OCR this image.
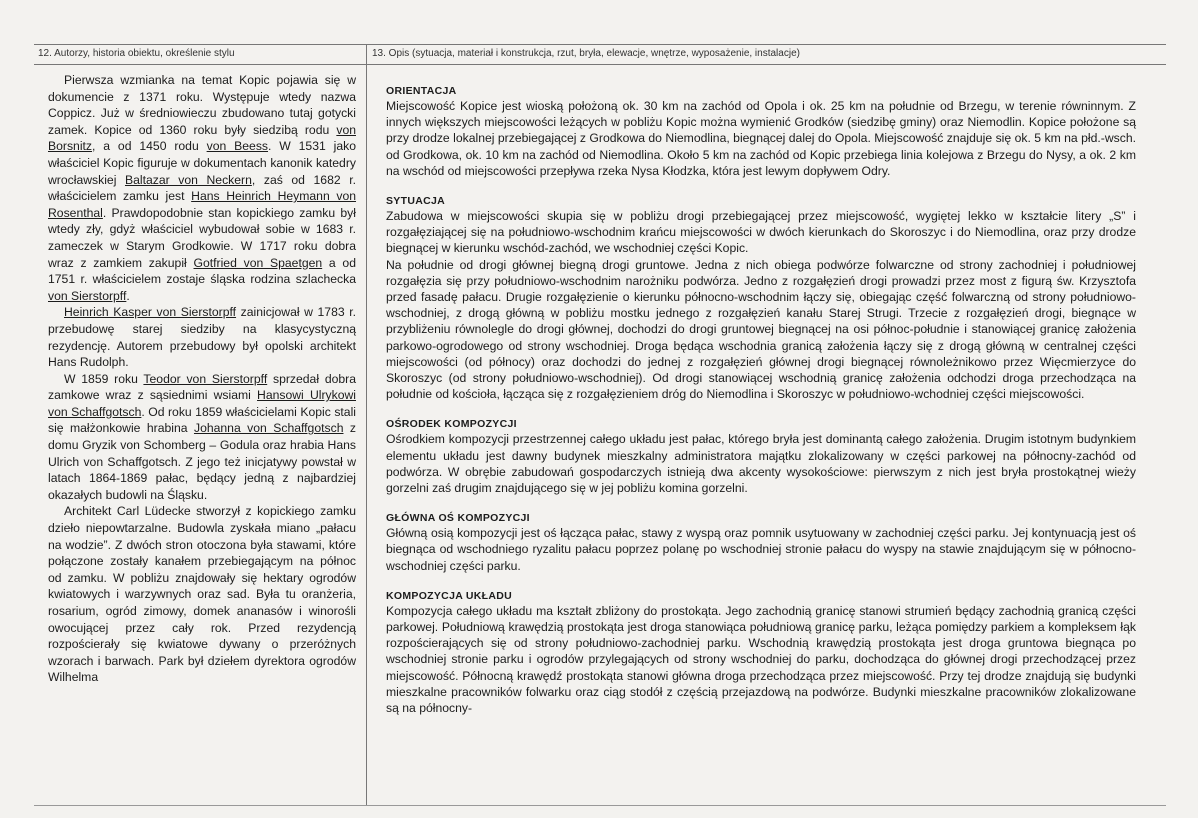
12. Autorzy, historia obiektu, określenie stylu	13. Opis (sytuacja, materiał i konstrukcja, rzut, bryła, elewacje, wnętrze, wyposażenie, instalacje)

Pierwsza wzmianka na temat Kopic pojawia się w dokumencie z 1371 roku. Występuje wtedy nazwa Coppicz. Już w średniowieczu zbudowano tutaj gotycki zamek. Kopice od 1360 roku były siedzibą rodu von Borsnitz, a od 1450 rodu von Beess. W 1531 jako właściciel Kopic figuruje w dokumentach kanonik katedry wrocławskiej Baltazar von Neckern, zaś od 1682 r. właścicielem zamku jest Hans Heinrich Heymann von Rosenthal. Prawdopodobnie stan kopickiego zamku był wtedy zły, gdyż właściciel wybudował sobie w 1683 r. zameczek w Starym Grodkowie. W 1717 roku dobra wraz z zamkiem zakupił Gotfried von Spaetgen a od 1751 r. właścicielem zostaje śląska rodzina szlachecka von Sierstorpff.

Heinrich Kasper von Sierstorpff zainicjował w 1783 r. przebudowę starej siedziby na klasycystyczną rezydencję. Autorem przebudowy był opolski architekt Hans Rudolph.

W 1859 roku Teodor von Sierstorpff sprzedał dobra zamkowe wraz z sąsiednimi wsiami Hansowi Ulrykowi von Schaffgotsch. Od roku 1859 właścicielami Kopic stali się małżonkowie hrabina Johanna von Schaffgotsch z domu Gryzik von Schomberg – Godula oraz hrabia Hans Ulrich von Schaffgotsch. Z jego też inicjatywy powstał w latach 1864-1869 pałac, będący jedną z najbardziej okazałych budowli na Śląsku.

Architekt Carl Lüdecke stworzył z kopickiego zamku dzieło niepowtarzalne. Budowla zyskała miano „pałacu na wodzie”. Z dwóch stron otoczona była stawami, które połączone zostały kanałem przebiegającym na północ od zamku. W pobliżu znajdowały się hektary ogrodów kwiatowych i warzywnych oraz sad. Była tu oranżeria, rosarium, ogród zimowy, domek ananasów i winorośli owocującej przez cały rok. Przed rezydencją rozpościerały się kwiatowe dywany o przeróżnych wzorach i barwach. Park był dziełem dyrektora ogrodów Wilhelma

ORIENTACJA
Miejscowość Kopice jest wioską położoną ok. 30 km na zachód od Opola i ok. 25 km na południe od Brzegu, w terenie równinnym. Z innych większych miejscowości leżących w pobliżu Kopic można wymienić Grodków (siedzibę gminy) oraz Niemodlin. Kopice położone są przy drodze lokalnej przebiegającej z Grodkowa do Niemodlina, biegnącej dalej do Opola. Miejscowość znajduje się ok. 5 km na płd.-wsch. od Grodkowa, ok. 10 km na zachód od Niemodlina. Około 5 km na zachód od Kopic przebiega linia kolejowa z Brzegu do Nysy, a ok. 2 km na wschód od miejscowości przepływa rzeka Nysa Kłodzka, która jest lewym dopływem Odry.
SYTUACJA

Zabudowa w miejscowości skupia się w pobliżu drogi przebiegającej przez miejscowość, wygiętej lekko w kształcie litery „S” i rozgałęziającej się na południowo-wschodnim krańcu miejscowości w dwóch kierunkach do Skoroszyc i do Niemodlina, oraz przy drodze biegnącej w kierunku wschód-zachód, we wschodniej części Kopic.

Na południe od drogi głównej biegną drogi gruntowe. Jedna z nich obiega podwórze folwarczne od strony zachodniej i południowej rozgałęzia się przy południowo-wschodnim narożniku podwórza. Jedno z rozgałęzień drogi prowadzi przez most z figurą św. Krzysztofa przed fasadę pałacu. Drugie rozgałęzienie o kierunku północno-wschodnim łączy się, obiegając część folwarczną od strony południowo-wschodniej, z drogą główną w pobliżu mostku jednego z rozgałęzień kanału Starej Strugi. Trzecie z rozgałęzień drogi, biegnące w przybliżeniu równolegle do drogi głównej, dochodzi do drogi gruntowej biegnącej na osi północ-południe i stanowiącej granicę założenia parkowo-ogrodowego od strony wschodniej. Droga będąca wschodnia granicą założenia łączy się z drogą główną w centralnej części miejscowości (od północy) oraz dochodzi do jednej z rozgałęzień głównej drogi biegnącej równoleżnikowo przez Więcmierzyce do Skoroszyc (od strony południowo-wschodniej). Od drogi stanowiącej wschodnią granicę założenia odchodzi droga przechodząca na południe od kościoła, łącząca się z rozgałęzieniem dróg do Niemodlina i Skoroszyc w południowo-wchodniej części miejscowości.

OŚRODEK KOMPOZYCJI
Ośrodkiem kompozycji przestrzennej całego układu jest pałac, którego bryła jest dominantą całego założenia. Drugim istotnym budynkiem elementu układu jest dawny budynek mieszkalny administratora majątku zlokalizowany w części parkowej na północny-zachód od podwórza. W obrębie zabudowań gospodarczych istnieją dwa akcenty wysokościowe: pierwszym z nich jest bryła prostokątnej wieży gorzelni zaś drugim znajdującego się w jej pobliżu komina gorzelni.
GŁÓWNA OŚ KOMPOZYCJI
Główną osią kompozycji jest oś łącząca pałac, stawy z wyspą oraz pomnik usytuowany w zachodniej części parku. Jej kontynuacją jest oś biegnąca od wschodniego ryzalitu pałacu poprzez polanę po wschodniej stronie pałacu do wyspy na stawie znajdującym się w północno-wschodniej części parku.
KOMPOZYCJA UKŁADU
Kompozycja całego układu ma kształt zbliżony do prostokąta. Jego zachodnią granicę stanowi strumień będący zachodnią granicą części parkowej. Południową krawędzią prostokąta jest droga stanowiąca południową granicę parku, leżąca pomiędzy parkiem a kompleksem łąk rozpościerających się od strony południowo-zachodniej parku. Wschodnią krawędzią prostokąta jest droga gruntowa biegnąca po wschodniej stronie parku i ogrodów przylegających od strony wschodniej do parku, dochodząca do głównej drogi przechodzącej przez miejscowość. Północną krawędź prostokąta stanowi główna droga przechodząca przez miejscowość. Przy tej drodze znajdują się budynki mieszkalne pracowników folwarku oraz ciąg stodół z częścią przejazdową na podwórze. Budynki mieszkalne pracowników zlokalizowane są na północny-
